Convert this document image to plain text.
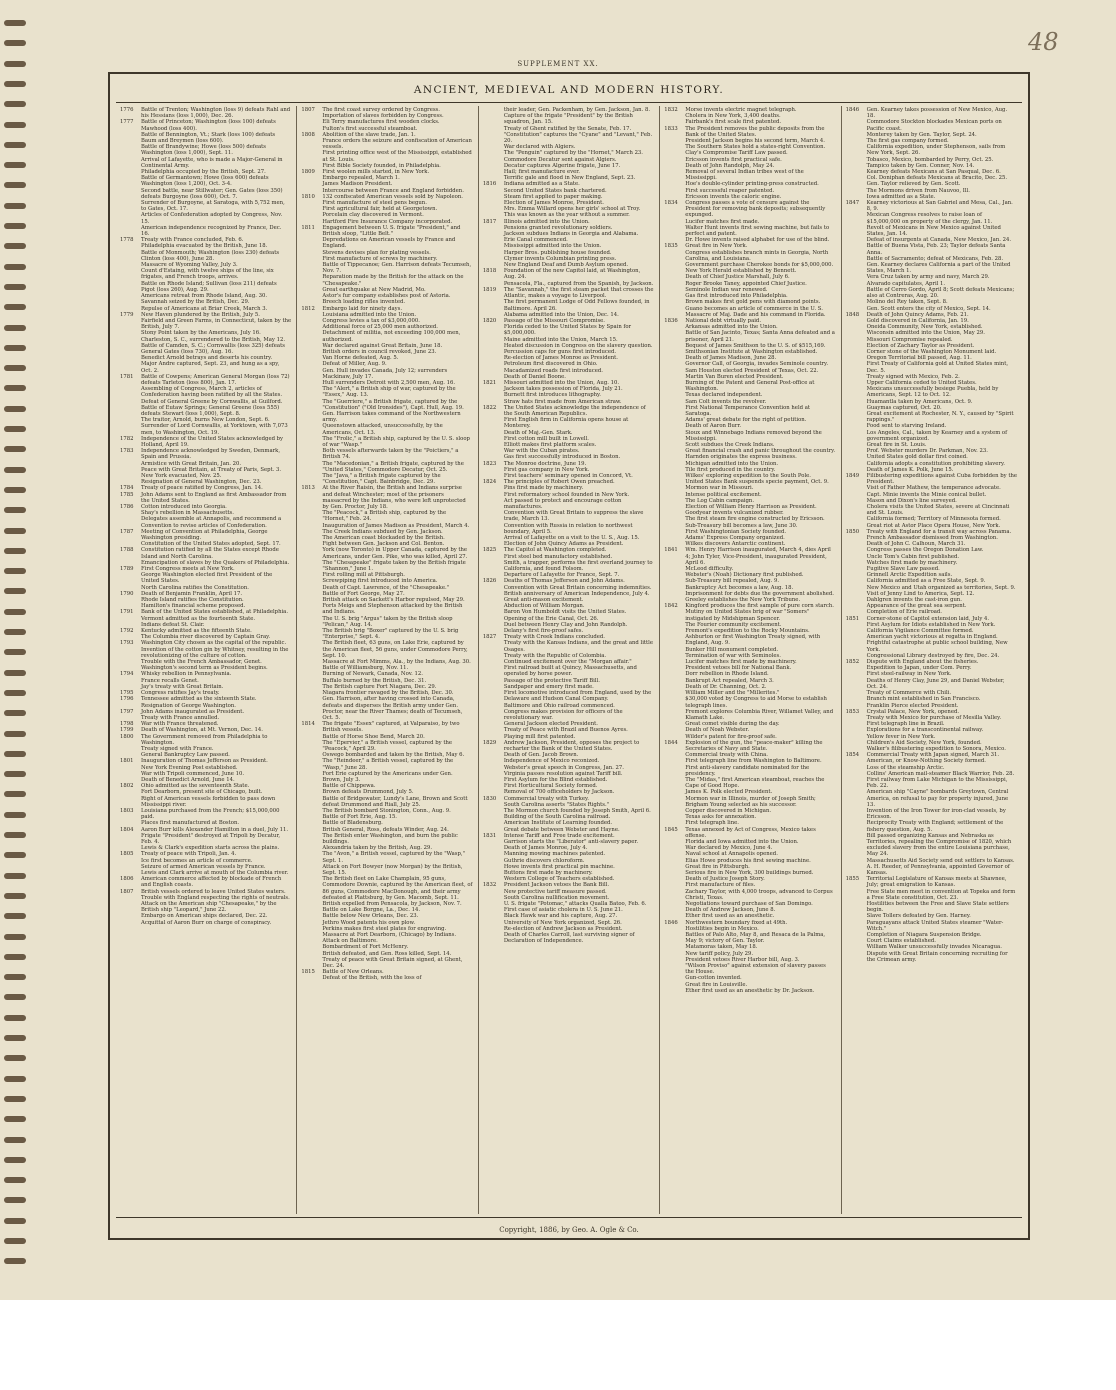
48
SUPPLEMENT XX.
ANCIENT, MEDIEVAL AND MODERN HISTORY.
1776	Battle of Trenton; Washington (loss 9) defeats Rahl and his Hessians (loss 1,000), Dec. 26.
1777	Battle of Princeton; Washington (loss 100) defeats Mawhood (loss 400).
Battle of Bennington, Vt.; Stark (loss 100) defeats Baum and Breymen (loss 600).
Battle of Brandywine; Howe (loss 500) defeats Washington (loss 1,000), Sept. 11.
Arrival of Lafayette, who is made a Major-General in Continental Army.
Philadelphia occupied by the British, Sept. 27.
Battle of Germantown; Howe (loss 600) defeats Washington (loss 1,200), Oct. 3-4.
Second battle, near Stillwater; Gen. Gates (loss 350) defeats Burgoyne (loss 600), Oct. 7.
Surrender of Burgoyne, at Saratoga, with 5,752 men, to Gates, Oct. 17.
Articles of Confederation adopted by Congress, Nov. 15.
American independence recognized by France, Dec. 16.
1778	Treaty with France concluded, Feb. 6.
Philadelphia evacuated by the British, June 18.
Battle of Monmouth; Washington (loss 230) defeats Clinton (loss 400), June 28.
Massacre of Wyoming Valley, July 3.
Count d'Estaing, with twelve ships of the line, six frigates, and French troops, arrives.
Battle on Rhode Island; Sullivan (loss 211) defeats Pigot (loss 260), Aug. 29.
Americans retreat from Rhode Island, Aug. 30.
Savannah seized by the British, Dec. 29.
Repulse of Americans at Briar Creek, March 3.
1779	New Haven plundered by the British, July 5.
Fairfield and Green Farms, in Connecticut, taken by the British, July 7.
Stony Point taken by the Americans, July 16.
Charleston, S. C., surrendered to the British, May 12.
Battle of Camden, S. C.; Cornwallis (loss 325) defeats General Gates (loss 730), Aug. 16.
Benedict Arnold betrays and deserts his country.
Major Andre captured, Sept. 23, and hung as a spy, Oct. 2.
1781	Battle of Cowpens; American General Morgan (loss 72) defeats Tarleton (loss 800), Jan. 17.
Assembling of Congress, March 2, articles of Confederation having been ratified by all the States.
Defeat of General Greene by Cornwallis, at Guilford.
Battle of Eutaw Springs; General Greene (loss 555) defeats Stewart (loss 1,000), Sept. 8.
The traitor, Arnold, burns New London, Sept. 6.
Surrender of Lord Cornwallis, at Yorktown, with 7,073 men, to Washington, Oct. 19.
1782	Independence of the United States acknowledged by Holland, April 19.
1783	Independence acknowledged by Sweden, Denmark, Spain and Prussia.
Armistice with Great Britain, Jan. 20.
Peace with Great Britain, at Treaty of Paris, Sept. 3.
New York evacuated, Nov. 25.
Resignation of General Washington, Dec. 23.
1784	Treaty of peace ratified by Congress, Jan. 14.
1785	John Adams sent to England as first Ambassador from the United States.
1786	Cotton introduced into Georgia.
Shay's rebellion in Massachusetts.
Delegates assemble at Annapolis, and recommend a Convention to revise articles of Confederation.
1787	Meeting of Convention at Philadelphia, George Washington presiding.
Constitution of the United States adopted, Sept. 17.
1788	Constitution ratified by all the States except Rhode Island and North Carolina.
Emancipation of slaves by the Quakers of Philadelphia.
1789	First Congress meets at New York.
George Washington elected first President of the United States.
North Carolina ratifies the Constitution.
1790	Death of Benjamin Franklin, April 17.
Rhode Island ratifies the Constitution.
Hamilton's financial scheme proposed.
1791	Bank of the United States established, at Philadelphia.
Vermont admitted as the fourteenth State.
Indians defeat St. Clair.
1792	Kentucky admitted as the fifteenth State.
The Columbia river discovered by Captain Gray.
1793	Washington City chosen as the capital of the republic.
Invention of the cotton gin by Whitney, resulting in the revolutionizing of the culture of cotton.
Trouble with the French Ambassador, Genet.
Washington's second term as President begins.
1794	Whisky rebellion in Pennsylvania.
France recalls Genet.
Jay's treaty with Great Britain.
1795	Congress ratifies Jay's treaty.
1796	Tennessee admitted as the sixteenth State.
Resignation of George Washington.
1797	John Adams inaugurated as President.
Treaty with France annulled.
1798	War with France threatened.
1799	Death of Washington, at Mt. Vernon, Dec. 14.
1800	The Government removed from Philadelphia to Washington.
Treaty signed with France.
General Bankruptcy Law passed.
1801	Inauguration of Thomas Jefferson as President.
New York Evening Post established.
War with Tripoli commenced, June 10.
Death of Benedict Arnold, June 14.
1802	Ohio admitted as the seventeenth State.
Fort Dearborn, present site of Chicago, built.
Right of American vessels forbidden to pass down Mississippi river.
1803	Louisiana purchased from the French; $15,000,000 paid.
Places first manufactured at Boston.
1804	Aaron Burr kills Alexander Hamilton in a duel, July 11.
Frigate "President" destroyed at Tripoli by Decatur, Feb. 4.
Lewis & Clark's expedition starts across the plains.
1805	Treaty of peace with Tripoli, Jan. 4.
Ice first becomes an article of commerce.
Seizure of armed American vessels by France.
Lewis and Clark arrive at mouth of the Columbia river.
1806	American commerce affected by blockade of French and English coasts.
1807	British vessels ordered to leave United States waters.
Trouble with England respecting the rights of neutrals.
Attack on the American ship "Chesapeake," by the British ship "Leopard," June 22.
Embargo on American ships declared, Dec. 22.
Acquittal of Aaron Burr on charge of conspiracy.
1807	The first coast survey ordered by Congress.
Importation of slaves forbidden by Congress.
Eli Terry manufactures first wooden clocks.
Fulton's first successful steamboat.
1808	Abolition of the slave trade, Jan. 1.
France orders the seizure and confiscation of American vessels.
First printing office west of the Mississippi, established at St. Louis.
First Bible Society founded, in Philadelphia.
1809	First woolen mills started, in New York.
Embargo repealed, March 1.
James Madison President.
Intercourse between France and England forbidden.
1810	132 confiscated American vessels sold by Napoleon.
First manufacture of steel pens begun.
First agricultural fair, held at Georgetown.
Porcelain clay discovered in Vermont.
Hartford Fire Insurance Company incorporated.
1811	Engagement between U. S. frigate "President," and British sloop, "Little Belt."
Depredations on American vessels by France and England.
Stevens devises plan for plating vessels.
First manufacture of screws by machinery.
Battle of Tippecanoe; Gen. Harrison defeats Tecumseh, Nov. 7.
Reparation made by the British for the attack on the "Chesapeake."
Great earthquake at New Madrid, Mo.
Astor's fur company establishes post of Astoria.
Breech loading rifles invented.
1812	Embargo laid for ninety days.
Louisiana admitted into the Union.
Congress levies a tax of $3,000,000.
Additional force of 25,000 men authorized.
Detachment of militia, not exceeding 100,000 men, authorized.
War declared against Great Britain, June 18.
British orders in council revoked, June 23.
Van Horne defeated, Aug. 5.
Defeat of Miller, Aug. 9.
Gen. Hull invades Canada, July 12; surrenders Mackinaw, July 17.
Hull surrenders Detroit with 2,500 men, Aug. 16.
The "Alert," a British ship of war, captured by the "Essex," Aug. 13.
The "Guerriere," a British frigate, captured by the "Constitution" ("Old Ironsides"), Capt. Hull, Aug. 19.
Gen. Harrison takes command of the Northwestern army.
Queenstown attacked, unsuccessfully, by the Americans, Oct. 13.
The "Frolic," a British ship, captured by the U. S. sloop of war "Wasp."
Both vessels afterwards taken by the "Poictiers," a British 74.
The "Macedonian," a British frigate, captured by the "United States," Commodore Decatur, Oct. 25.
The "Java," a British frigate captured by the "Constitution," Capt. Bainbridge, Dec. 29.
1813	At the River Raisin, the British and Indians surprise and defeat Winchester; most of the prisoners massacred by the Indians, who were left unprotected by Gen. Proctor, July 18.
The "Peacock," a British ship, captured by the "Hornet," Feb. 24.
Inauguration of James Madison as President, March 4.
The Creek Indians subdued by Gen. Jackson.
The American coast blockaded by the British.
Fight between Gen. Jackson and Col. Benton.
York (now Toronto) in Upper Canada, captured by the Americans, under Gen. Pike, who was killed, April 27.
The "Chesapeake" frigate taken by the British frigate "Shannon," June 1.
First rolling mill at Pittsburgh.
Screwpiping first introduced into America.
Death of Capt. Lawrence, of the "Chesapeake."
Battle of Fort George, May 27.
British attack on Sackett's Harbor repulsed, May 29.
Forts Meigs and Stephenson attacked by the British and Indians.
The U. S. brig "Argus" taken by the British sloop "Pelican," Aug. 14.
The British brig "Boxer" captured by the U. S. brig "Enterprise," Sept. 4.
The British fleet, 63 guns, on Lake Erie, captured by the American fleet, 56 guns, under Commodore Perry, Sept. 10.
Massacre at Fort Mimms, Ala., by the Indians, Aug. 30.
Battle of Williamsburg, Nov. 11.
Burning of Newark, Canada, Nov. 12.
Buffalo burned by the British, Dec. 31.
The British capture Fort Niagara, Dec. 29.
Niagara frontier ravaged by the British, Dec. 30.
Gen. Harrison, after having crossed into Canada, defeats and disperses the British army under Gen. Proctor, near the River Thames; death of Tecumseh, Oct. 5.
1814	The frigate "Essex" captured, at Valparaiso, by two British vessels.
Battle of Horse Shoe Bend, March 20.
The "Epervier," a British vessel, captured by the "Peacock," April 29.
Oswego bombarded and taken by the British, May 6.
The "Reindeer," a British vessel, captured by the "Wasp," June 28.
Fort Erie captured by the Americans under Gen. Brown, July 3.
Battle of Chippewa.
Brown defeats Drummond, July 5.
Battle of Bridgewater, Lundy's Lane, Brown and Scott defeat Drummond and Riall, July 25.
The British bombard Stonington, Conn., Aug. 9.
Battle of Fort Erie, Aug. 15.
Battle of Bladensburg.
British General, Ross, defeats Winder, Aug. 24.
The British enter Washington, and burn the public buildings.
Alexandria taken by the British, Aug. 29.
The "Avon," a British vessel, captured by the "Wasp," Sept. 1.
Attack on Fort Bowyer (now Morgan) by the British, Sept. 15.
The British fleet on Lake Champlain, 95 guns, Commodore Downie, captured by the American fleet, of 86 guns, Commodore MacDonough, and their army defeated at Plattsburg, by Gen. Macomb, Sept. 11.
British expelled from Pensacola, by Jackson, Nov. 7.
Battle on Lake Borgne, La., Dec. 14.
Battle below New Orleans, Dec. 23.
Jethro Wood patents his own plow.
Perkins makes first steel plates for engraving.
Massacre at Fort Dearborn, (Chicago) by Indians.
Attack on Baltimore.
Bombardment of Fort McHenry.
British defeated, and Gen. Ross killed, Sept. 14.
Treaty of peace with Great Britain signed, at Ghent, Dec. 24.
1815	Battle of New Orleans.
Defeat of the British, with the loss of
their leader, Gen. Packenham, by Gen. Jackson, Jan. 8.
Capture of the frigate "President" by the British squadron, Jan. 15.
Treaty of Ghent ratified by the Senate, Feb. 17.
"Constitution" captures the "Cyane" and "Levant," Feb. 20.
War declared with Algiers.
The "Penguin" captured by the "Hornet," March 23.
Commodore Decatur sent against Algiers.
Decatur captures Algerine frigate, June 17.
Hail; first manufacture ever.
Terrific gale and flood in New England, Sept. 23.
1816	Indiana admitted as a State.
Second United States bank chartered.
Steam first applied to paper making.
Election of James Monroe, President.
Mrs. Emma Willard opens her girls' school at Troy.
This was known as the year without a summer.
1817	Illinois admitted into the Union.
Pensions granted revolutionary soldiers.
Jackson subdues Indians in Georgia and Alabama.
Erie Canal commenced.
Mississippi admitted into the Union.
Harper Bros. publishing house founded.
Clymer invents Columbian printing press.
New England Deaf and Dumb Asylum opened.
1818	Foundation of the new Capitol laid, at Washington, Aug. 24.
Pensacola, Fla., captured from the Spanish, by Jackson.
1819	The "Savannah," the first steam packet that crosses the Atlantic, makes a voyage to Liverpool.
The first permanent Lodge of Odd Fellows founded, in Baltimore. April 26.
Alabama admitted into the Union, Dec. 14.
1820	Passage of the Missouri Compromise.
Florida ceded to the United States by Spain for $5,000,000.
Maine admitted into the Union, March 15.
Heated discussion in Congress on the slavery question.
Percussion caps for guns first introduced.
Re-election of James Monroe as President.
Petroleum first discovered in Ohio.
Macadamized roads first introduced.
Death of Daniel Boone.
1821	Missouri admitted into the Union, Aug. 10.
Jackson takes possession of Florida, July 21.
Burnett first introduces lithography.
Straw hats first made from American straw.
1822	The United States acknowledge the independence of the South American Republics.
First English firm in California opens house at Monterey.
Death of Maj.-Gen. Stark.
First cotton mill built in Lowell.
Elliott makes first platform scales.
War with the Cuban pirates.
Gas first successfully introduced in Boston.
1823	The Monroe doctrine, June 19.
First gas company in New York.
First teachers' seminary opened in Concord, Vt.
1824	The principles of Robert Owen preached.
Pins first made by machinery.
First reformatory school founded in New York.
Act passed to protect and encourage cotton manufactures.
Convention with Great Britain to suppress the slave trade, March 13.
Convention with Russia in relation to northwest boundary, April 5.
Arrival of Lafayette on a visit to the U. S., Aug. 15.
Election of John Quincy Adams as President.
1825	The Capitol at Washington completed.
First steel bed manufactory established.
Smith, a trapper, performs the first overland journey to California, and found Folsom.
Departure of Lafayette for France, Sept. 7.
1826	Deaths of Thomas Jefferson and John Adams.
Convention with Great Britain concerning indemnities.
British anniversary of American Independence, July 4.
Great anti-mason excitement.
Abduction of William Morgan.
Baron Von Humboldt visits the United States.
Opening of the Erie Canal, Oct. 26.
Duel between Henry Clay and John Randolph.
Delany's first fire-proof safes.
1827	Treaty with Creek Indians concluded.
Treaty with the Kansas Indians, and the great and little Osages.
Treaty with the Republic of Colombia.
Continued excitement over the "Morgan affair."
First railroad built at Quincy, Massachusetts, and operated by horse power.
Passage of the protective Tariff Bill.
Sandpaper and emery first made.
First locomotive introduced from England, used by the Delaware and Hudson Canal Company.
Baltimore and Ohio railroad commenced.
Congress makes provision for officers of the revolutionary war.
General Jackson elected President.
Treaty of Peace with Brazil and Buenos Ayres.
Playing mill first patented.
1829	Andrew Jackson, President, opposes the project to recharter the Bank of the United States.
Death of Gen. Jacob Brown.
Independence of Mexico reconized.
Webster's great speech in Congress, Jan. 27.
Virginia passes resolution against Tariff bill.
First Asylum for the Blind established.
First Horticultural Society formed.
Removal of 700 officeholders by Jackson.
1830	Commercial treaty with Turkey.
South Carolina asserts "States Rights."
The Mormon church founded by Joseph Smith, April 6.
Building of the South Carolina railroad.
American Institute of Learning founded.
Great debate between Webster and Hayne.
1831	Intense Tariff and Free trade excitement.
Garrison starts the "Liberator" anti-slavery paper.
Death of James Monroe, July 4.
Manning mowing machines patented.
Guthrie discovers chloroform.
Howe invents first practical pin machine.
Buttons first made by machinery.
Western College of Teachers established.
1832	President Jackson vetoes the Bank Bill.
New protective tariff measure passed.
South Carolina nullification movement.
U. S. frigate "Potomac," attacks Qualla Batoo, Feb. 6.
First case of asiatic cholera in U. S. June 21.
Black Hawk war and his capture, Aug. 27.
University of New York organized, Sept. 26.
Re-election of Andrew Jackson as President.
Death of Charles Carroll, last surviving signer of Declaration of Independence.
1832	Morse invents electric magnet telegraph.
Cholera in New York, 3,400 deaths.
Fairbank's first scale first patented.
1833	The President removes the public deposits from the Bank of the United States.
President Jackson begins his second term, March 4.
The Southern States hold a states-right Convention.
Clay's Compromise Tariff Law passed.
Ericsson invents first practical safe.
Death of John Randolph, May 24.
Removal of several Indian tribes west of the Mississippi.
Hoe's double-cylinder printing-press constructed.
First successful reaper patented.
Ericsson invents the caloric engine.
1834	Congress passes a vote of censure against the President for removing bank deposits; subsequently expunged.
Lucifer matches first made.
Walter Hunt invents first sewing machine, but fails to perfect and patent.
Dr. Howe invents raised alphabet for use of the blind.
1835	Great fire in New York.
Congress establishes branch mints in Georgia, North Carolina, and Louisiana.
Government purchase Cherokee bonds for $5,000,000.
New York Herald established by Bennett.
Death of Chief Justice Marshall, July 6.
Roger Brooke Taney, appointed Chief Justice.
Seminole Indian war renewed.
Gas first introduced into Philadelphia.
Brown makes first gold pens with diamond points.
Guano becomes an article of commerce in the U. S.
Massacre of Maj. Dade and his command in Florida.
1836	National debt virtually paid.
Arkansas admitted into the Union.
Battle of San Jacinto, Texas; Santa Anna defeated and a prisoner, April 21.
Bequest of James Smithson to the U. S. of $515,169.
Smithsonian Institute at Washington established.
Death of James Madison, June 28.
Governor Call, of Georgia, invades Seminole country.
Sam Houston elected President of Texas, Oct. 22.
Martin Van Buren elected President.
Burning of the Patent and General Post-office at Washington.
Texas declared independent.
Sam Colt invents the revolver.
First National Temperance Convention held at Saratoga.
Adams' great debate for the right of petition.
Death of Aaron Burr.
Sioux and Winnebago Indians removed beyond the Mississippi.
Scott subdues the Creek Indians.
Great financial crash and panic throughout the country.
Harnden originates the express business.
Michigan admitted into the Union.
Tile first produced in the country.
Wilkes' exploring expedition to the South Pole.
United States Bank suspends specie payment, Oct. 9.
Mormon war in Missouri.
Intense political excitement.
The Log Cabin campaign.
Election of William Henry Harrison as President.
Goodyear invents vulcanized rubber.
The first steam fire engine constructed by Ericsson.
Sub-Treasury bill becomes a law, June 30.
First Washingtonian Society founded.
Adams' Express Company organized.
Wilkes discovers Antarctic continent.
1841	Wm. Henry Harrison inaugurated, March 4, dies April 4; John Tyler, Vice-President, inaugurated President, April 6.
McLeod difficulty.
Webster's (Noah) Dictionary first published.
Sub-Treasury bill repealed, Aug. 9.
Bankruptcy Act becomes a law, Aug. 18.
Imprisonment for debts due the government abolished.
Greeley establishes the New York Tribune.
1842	Kingford produces the first sample of pure corn starch.
Mutiny on United States brig of war "Somers" instigated by Midshipman Spencer.
The Fourier community excitement.
Fremont's expedition to the Rocky Mountains.
Ashburton or first Washington Treaty signed, with England, Aug. 9.
Bunker Hill monument completed.
Termination of war with Seminoles.
Lucifer matches first made by machinery.
President vetoes bill for National Bank.
Dorr rebellion in Rhode Island.
Bankrupt Act repealed, March 3.
Death of Dr. Channing, Oct. 2.
William Miller and the "Millerites."
$30,000 voted by Congress to aid Morse to establish telegraph lines.
Fremont explores Columbia River, Willamet Valley, and Klamath Lake.
Great comet visible during the day.
Death of Noah Webster.
Wilder's patent for fire-proof safe.
1844	Explosion of the gun, the "peace-maker" killing the Secretaries of Navy and State.
Commercial treaty with China.
First telegraph line from Washington to Baltimore.
First anti-slavery candidate nominated for the presidency.
The "Midas," first American steamboat, reaches the Cape of Good Hope.
James K. Polk elected President.
Mormon war in Illinois, murder of Joseph Smith; Brigham Young selected as his successor.
Copper discovered in Michigan.
Texas asks for annexation.
First telegraph line.
1845	Texas annexed by Act of Congress, Mexico takes offense.
Florida and Iowa admitted into the Union.
War declared by Mexico, June 4.
Naval school at Annapolis opened.
Elias Howe produces his first sewing machine.
Great fire in Pittsburgh.
Serious fire in New York, 300 buildings burned.
Death of Justice Joseph Story.
First manufacture of files.
Zachary Taylor, with 4,000 troops, advanced to Corpus Christi, Texas.
Negotiations toward purchase of San Domingo.
Death of Andrew Jackson, June 8.
Ether first used as an anesthetic.
1846	Northwestern boundary fixed at 49th.
Hostilities begin in Mexico.
Battles of Palo Alto, May 8, and Resaca de la Palma, May 9; victory of Gen. Taylor.
Matamoras taken, May 18.
New tariff policy, July 29.
President vetoes River Harbor bill, Aug. 3.
"Wilson Proviso" against extension of slavery passes the House.
Gun-cotton invented.
Great fire in Louisville.
Ether first used as an anesthetic by Dr. Jackson.
1846	Gen. Kearney takes possession of New Mexico, Aug. 18.
Commodore Stockton blockades Mexican ports on Pacific coast.
Monterey taken by Gen. Taylor, Sept. 24.
The first gas company formed.
California expedition, under Stephenson, sails from New York, Sept. 26.
Tobasco, Mexico, bombarded by Perry, Oct. 25.
Tampico taken by Gen. Conner, Nov. 14.
Kearney defeats Mexicans at San Pasqual, Dec. 6.
Col. Doniphan defeats Mexicans at Bracito, Dec. 25.
Gen. Taylor relieved by Gen. Scott.
The Mormons driven from Nauvoo, Ill.
Iowa admitted as a State.
1847	Kearney victorious at San Gabriel and Mesa, Cal., Jan. 8, 9.
Mexican Congress resolves to raise loan of $15,000,000 on property of the clergy, Jan. 11.
Revolt of Mexicans in New Mexico against United States, Jan. 14.
Defeat of insurgents at Canada, New Mexico, Jan. 24.
Battle of Buena Vista, Feb. 23; Taylor defeats Santa Anna.
Battle of Sacramento; defeat of Mexicans, Feb. 28.
Gen. Kearney declares California a part of the United States, March 1.
Vera Cruz taken by army and navy, March 29.
Alvarado capitulates, April 1.
Battle of Cerro Gordo, April 8; Scott defeats Mexicans; also at Contreras, Aug. 20.
Molino del Rey taken, Sept. 8.
Gen. Scott enters the city of Mexico, Sept. 14.
1848	Death of John Quincy Adams, Feb. 21.
Gold discovered in California, Jan. 19.
Oneida Community, New York, established.
Wisconsin admitted into the Union, May 29.
Missouri Compromise repealed.
Election of Zachary Taylor as President.
Corner stone of the Washington Monument laid.
Oregon Territorial bill passed, Aug. 11.
First Treaty of California gold at United States mint, Dec. 5.
Treaty signed with Mexico, Feb. 2.
Upper California ceded to United States.
Mexicans unsuccessfully besiege Puebla, held by Americans, Sept. 12 to Oct. 12.
Huamantla taken by Americans, Oct. 9.
Guaymas captured, Oct. 20.
Great excitement at Rochester, N. Y., caused by "Spirit rappings."
Food sent to starving Ireland.
Los Angeles, Cal., taken by Kearney and a system of government organized.
Great fire in St. Louis.
Prof. Webster murders Dr. Parkman, Nov. 23.
United States gold dollar first coined.
California adopts a constitution prohibiting slavery.
Death of James K. Polk, June 15.
1849	Filibustering expeditions against Cuba forbidden by the President.
Visit of Father Mathew, the temperance advocate.
Capt. Minie invents the Minie conical bullet.
Mason and Dixon's line surveyed.
Cholera visits the United States, severe at Cincinnati and St. Louis.
California formed; Territory of Minnesota formed.
Great riot at Astor Place Opera House, New York.
1850	Treaty with England for a transit way across Panama.
French Ambassador dismissed from Washington.
Death of John C. Calhoun, March 31.
Congress passes the Oregon Donation Law.
Uncle Tom's Cabin first published.
Watches first made by machinery.
Fugitive Slave Law passed.
Grinnell Arctic Expedition sails.
California admitted as a Free State, Sept. 9.
New Mexico and Utah organized as territories, Sept. 9.
Visit of Jenny Lind to America, Sept. 12.
Dahlgren invents the cast-iron gun.
Appearance of the great sea serpent.
Completion of Erie railroad.
1851	Corner-stone of Capitol extension laid, July 4.
First Asylum for Idiots established in New York.
California Vigilance Committee formed.
American yacht victorious at regatta in England.
Frightful catastrophe at public school building, New York.
Congressional Library destroyed by fire, Dec. 24.
1852	Dispute with England about the fisheries.
Expedition to Japan, under Com. Perry.
First steel-railway in New York.
Deaths of Henry Clay, June 29, and Daniel Webster, Oct. 24.
Treaty of Commerce with Chili.
Branch mint established in San Francisco.
Franklin Pierce elected President.
1853	Crystal Palace, New York, opened.
Treaty with Mexico for purchase of Mesilla Valley.
First telegraph line in Brazil.
Explorations for a transcontinental railway.
Yellow fever in New York.
Children's Aid Society, New York, founded.
Walker's filibustering expedition to Sonora, Mexico.
1854	Commercial Treaty with Japan signed, March 31.
American, or Know-Nothing Society formed.
Loss of the steamship Arctic.
Collins' American mail-steamer Black Warrior, Feb. 28.
First railway from Lake Michigan to the Mississippi, Feb. 22.
American ship "Cayne" bombards Greytown, Central America, on refusal to pay for property injured, June 13.
Invention of the Iron Tower for iron-clad vessels, by Ericsson.
Reciprocity Treaty with England; settlement of the fishery question, Aug. 5.
Bill passed organizing Kansas and Nebraska as Territories, repealing the Compromise of 1820, which excluded slavery from the entire Louisiana purchase, May 24.
Massachusetts Aid Society send out settlers to Kansas.
A. H. Reeder, of Pennsylvania, appointed Governor of Kansas.
1855	Territorial Legislature of Kansas meets at Shawnee, July; great emigration to Kansas.
Free State men meet in convention at Topeka and form a Free State constitution, Oct. 23.
Hostilities between the Free and Slave State settlers begin.
Slave Tollers defeated by Gen. Harney.
Paraguayans attack United States steamer "Water-Witch."
Completion of Niagara Suspension Bridge.
Court Claims established.
William Walker unsuccessfully invades Nicaragua.
Dispute with Great Britain concerning recruiting for the Crimean army.
Copyright, 1886, by Geo. A. Ogle & Co.
